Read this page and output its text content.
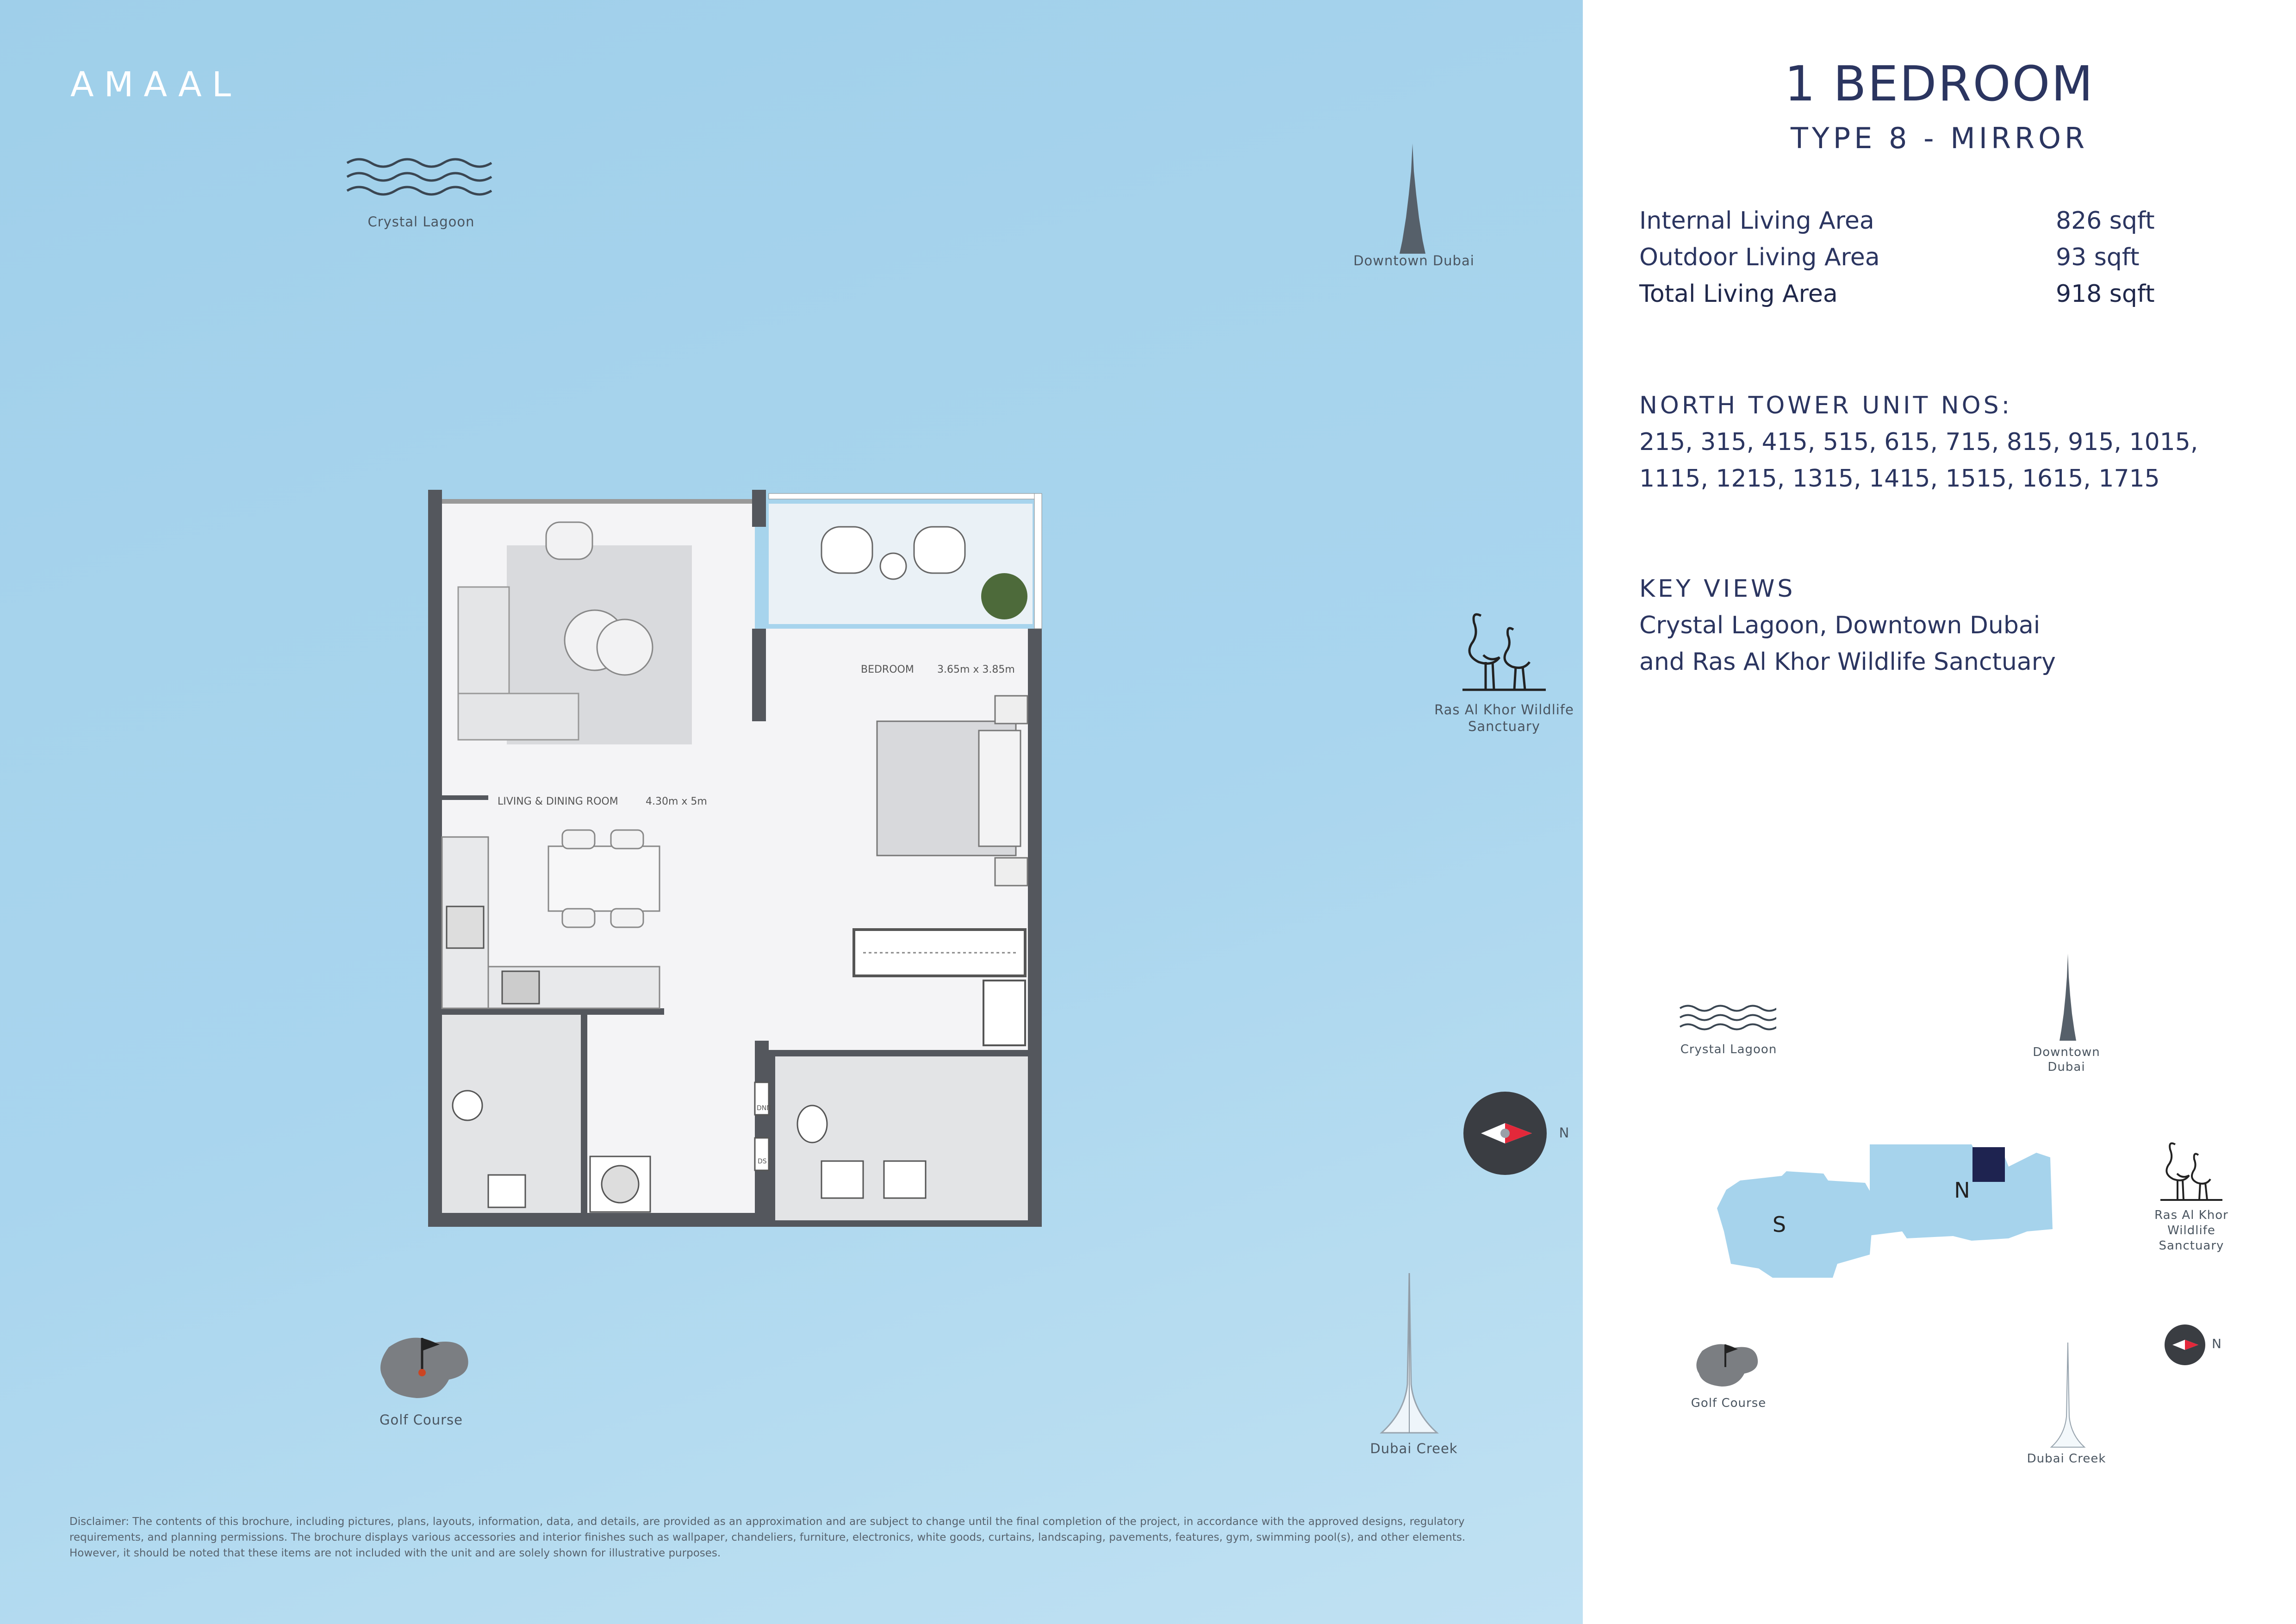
AMAAL
Crystal Lagoon
Downtown Dubai
Ras Al Khor Wildlife
Sanctuary
N
Golf Course
Dubai Creek
BEDROOM 3.65m x 3.85m
LIVING & DINING ROOM	4.30m x 5m
DNN
DS
Disclaimer: The contents of this brochure, including pictures, plans, layouts, information, data, and details, are provided as an approximation and are subject to change until the final completion of the project, in accordance with the approved designs, regulatory
requirements, and planning permissions. The brochure displays various accessories and interior finishes such as wallpaper, chandeliers, furniture, electronics, white goods, curtains, landscaping, pavements, features, gym, swimming pool(s), and other elements.
However, it should be noted that these items are not included with the unit and are solely shown for illustrative purposes.
1 BEDROOM
TYPE 8 - MIRROR
Internal Living Area	826 sqft
Outdoor Living Area	93 sqft
Total Living Area	918 sqft
NORTH TOWER UNIT NOS:
215, 315, 415, 515, 615, 715, 815, 915, 1015,
1115, 1215, 1315, 1415, 1515, 1615, 1715
KEY VIEWS
Crystal Lagoon, Downtown Dubai
and Ras Al Khor Wildlife Sanctuary
Crystal Lagoon	Downtown
Dubai
S
N
Ras Al Khor
Wildlife
Sanctuary
Golf Course
Dubai Creek
N
